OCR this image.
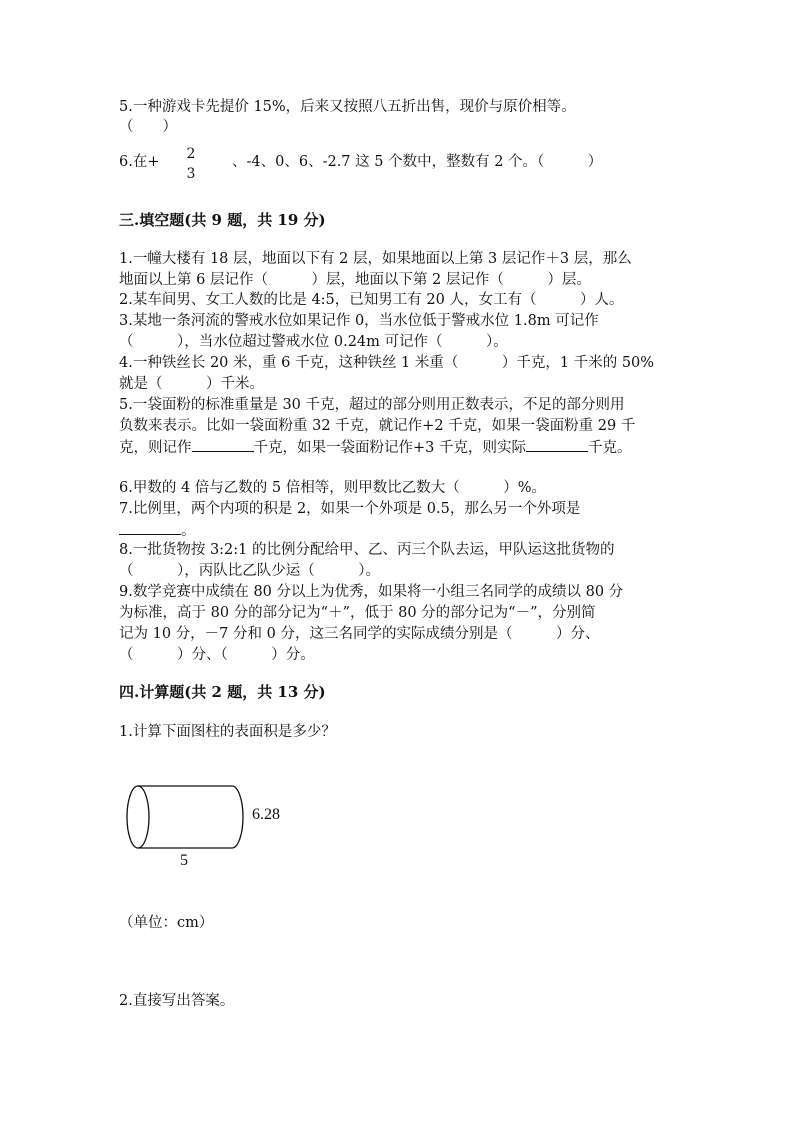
5.一种游戏卡先提价 15%，后来又按照八五折出售，现价与原价相等。

（　　）

6.在+ 2
3

、-4、0、6、-2.7 这 5 个数中，整数有 2 个。（　　　）

三.填空题(共 9 题，共 19 分)

1.一幢大楼有 18 层，地面以下有 2 层，如果地面以上第 3 层记作＋3 层，那么

地面以上第 6 层记作（　　　）层，地面以下第 2 层记作（　　　）层。

2.某车间男、女工人数的比是 4:5，已知男工有 20 人，女工有（　　　）人。

3.某地一条河流的警戒水位如果记作 0，当水位低于警戒水位 1.8m 可记作

（　　　），当水位超过警戒水位 0.24m 可记作（　　　）。

4.一种铁丝长 20 米，重 6 千克，这种铁丝 1 米重（　　　）千克，1 千米的 50%

就是（　　　）千米。

5.一袋面粉的标准重量是 30 千克，超过的部分则用正数表示，不足的部分则用

负数来表示。比如一袋面粉重 32 千克，就记作+2 千克，如果一袋面粉重 29 千

克，则记作	千克，如果一袋面粉记作+3 千克，则实际	千克。

6.甲数的 4 倍与乙数的 5 倍相等，则甲数比乙数大（　　　）%。

7.比例里，两个内项的积是 2，如果一个外项是 0.5，那么另一个外项是

。

8.一批货物按 3:2:1 的比例分配给甲、乙、丙三个队去运，甲队运这批货物的

（　　　），丙队比乙队少运（　　　）。

9.数学竞赛中成绩在 80 分以上为优秀，如果将一小组三名同学的成绩以 80 分

为标准，高于 80 分的部分记为“＋”，低于 80 分的部分记为“－”，分别简

记为 10 分，－7 分和 0 分，这三名同学的实际成绩分别是（　　　）分、

（　　　）分、（　　　）分。

四.计算题(共 2 题，共 13 分)

1.计算下面图柱的表面积是多少？

6.28

5

（单位：cm）

2.直接写出答案。
